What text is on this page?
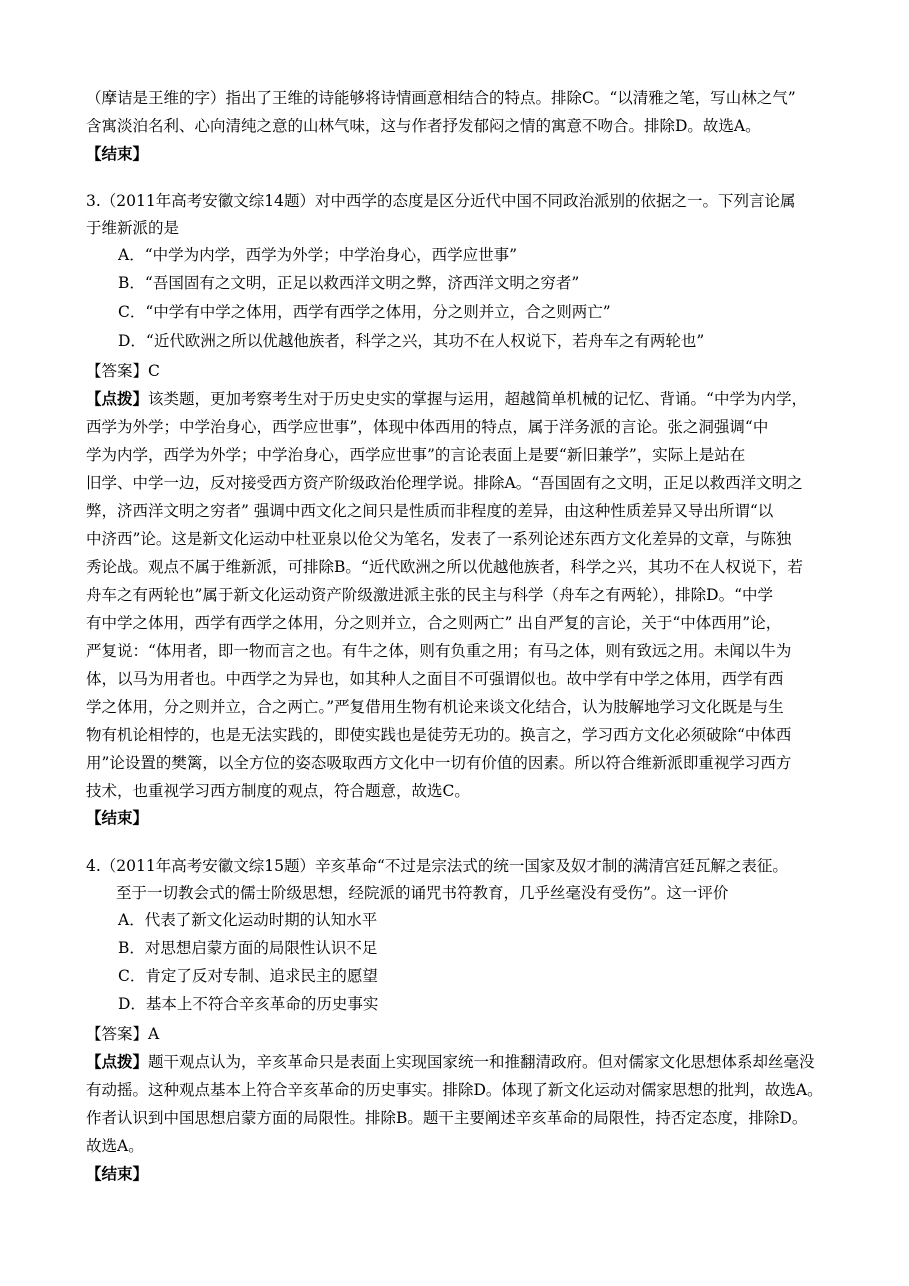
（摩诘是王维的字）指出了王维的诗能够将诗情画意相结合的特点。排除C。“以清雅之笔，写山林之气”
含寓淡泊名利、心向清纯之意的山林气味，这与作者抒发郁闷之情的寓意不吻合。排除D。故选A。
【结束】
3.（2011年高考安徽文综14题）对中西学的态度是区分近代中国不同政治派别的依据之一。下列言论属
于维新派的是
A．“中学为内学，西学为外学；中学治身心，西学应世事”
B．“吾国固有之文明，正足以救西洋文明之弊，济西洋文明之穷者”
C．“中学有中学之体用，西学有西学之体用，分之则并立，合之则两亡”
D．“近代欧洲之所以优越他族者，科学之兴，其功不在人权说下，若舟车之有两轮也”
【答案】C
【点拨】该类题，更加考察考生对于历史史实的掌握与运用，超越简单机械的记忆、背诵。“中学为内学，
西学为外学；中学治身心，西学应世事”，体现中体西用的特点，属于洋务派的言论。张之洞强调“中
学为内学，西学为外学；中学治身心，西学应世事”的言论表面上是要“新旧兼学”，实际上是站在
旧学、中学一边，反对接受西方资产阶级政治伦理学说。排除A。“吾国固有之文明，正足以救西洋文明之
弊，济西洋文明之穷者” 强调中西文化之间只是性质而非程度的差异，由这种性质差异又导出所谓“以
中济西”论。这是新文化运动中杜亚泉以伧父为笔名，发表了一系列论述东西方文化差异的文章，与陈独
秀论战。观点不属于维新派，可排除B。“近代欧洲之所以优越他族者，科学之兴，其功不在人权说下，若
舟车之有两轮也”属于新文化运动资产阶级激进派主张的民主与科学（舟车之有两轮），排除D。“中学
有中学之体用，西学有西学之体用，分之则并立，合之则两亡” 出自严复的言论，关于“中体西用”论，
严复说：“体用者，即一物而言之也。有牛之体，则有负重之用；有马之体，则有致远之用。未闻以牛为
体，以马为用者也。中西学之为异也，如其种人之面目不可强谓似也。故中学有中学之体用，西学有西
学之体用，分之则并立，合之两亡。”严复借用生物有机论来谈文化结合，认为肢解地学习文化既是与生
物有机论相悖的，也是无法实践的，即使实践也是徒劳无功的。换言之，学习西方文化必须破除“中体西
用”论设置的樊篱，以全方位的姿态吸取西方文化中一切有价值的因素。所以符合维新派即重视学习西方
技术，也重视学习西方制度的观点，符合题意，故选C。
【结束】
4.（2011年高考安徽文综15题）辛亥革命“不过是宗法式的统一国家及奴才制的满清宫廷瓦解之表征。
至于一切教会式的儒士阶级思想，经院派的诵咒书符教育，几乎丝毫没有受伤”。这一评价
A．代表了新文化运动时期的认知水平
B．对思想启蒙方面的局限性认识不足
C．肯定了反对专制、追求民主的愿望
D．基本上不符合辛亥革命的历史事实
【答案】A
【点拨】题干观点认为，辛亥革命只是表面上实现国家统一和推翻清政府。但对儒家文化思想体系却丝毫没
有动摇。这种观点基本上符合辛亥革命的历史事实。排除D。体现了新文化运动对儒家思想的批判，故选A。
作者认识到中国思想启蒙方面的局限性。排除B。题干主要阐述辛亥革命的局限性，持否定态度，排除D。
故选A。
【结束】
